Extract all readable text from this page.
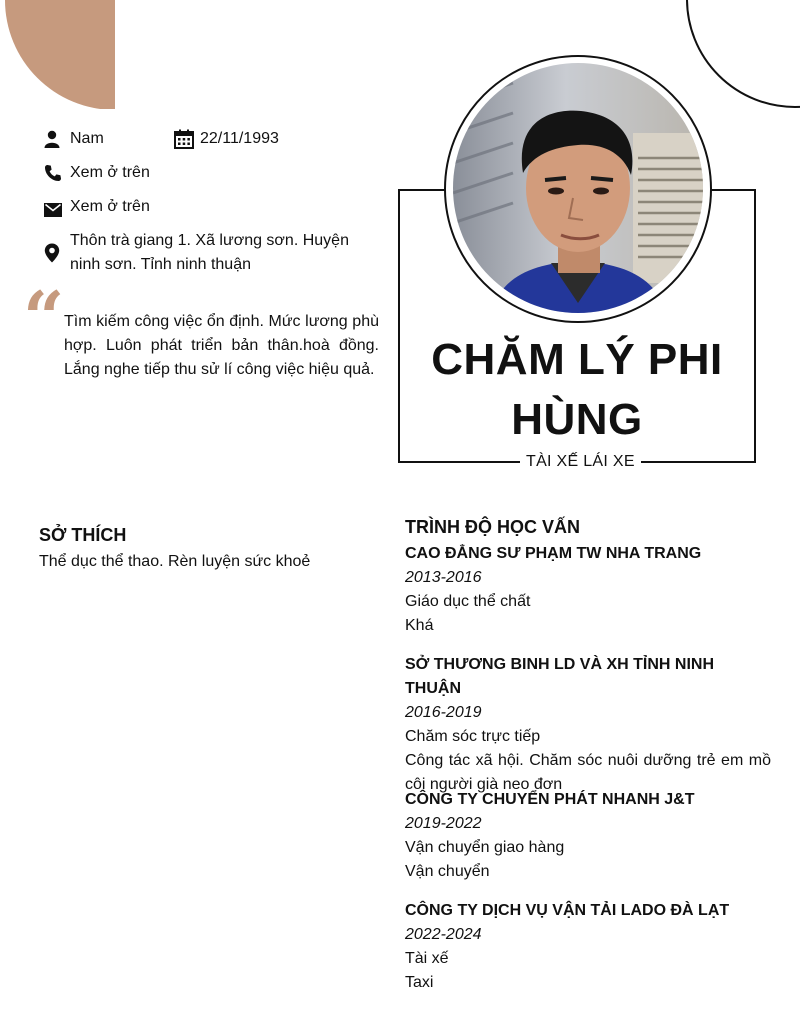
Nam	22/11/1993
Xem ở trên
Xem ở trên
Thôn trà giang 1. Xã lương sơn. Huyện ninh sơn. Tỉnh ninh thuận
“ Tìm kiếm công việc ổn định. Mức lương phù hợp. Luôn phát triển bản thân.hoà đồng. Lắng nghe tiếp thu sử lí công việc hiệu quả.	CHĂM LÝ PHI HÙNG
TÀI XẾ LÁI XE
SỞ THÍCH
Thể dục thể thao. Rèn luyện sức khoẻ
TRÌNH ĐỘ HỌC VẤN
CAO ĐẲNG SƯ PHẠM TW NHA TRANG
2013-2016
Giáo dục thể chất
Khá
SỞ THƯƠNG BINH LD VÀ XH TỈNH NINH THUẬN
2016-2019
Chăm sóc trực tiếp
Công tác xã hội. Chăm sóc nuôi dưỡng trẻ em mồ côi người già neo đơn
CÔNG TY CHUYỂN PHÁT NHANH J&T
2019-2022
Vận chuyển giao hàng
Vận chuyển
CÔNG TY DỊCH VỤ VẬN TẢI LADO ĐÀ LẠT
2022-2024
Tài xế
Taxi
